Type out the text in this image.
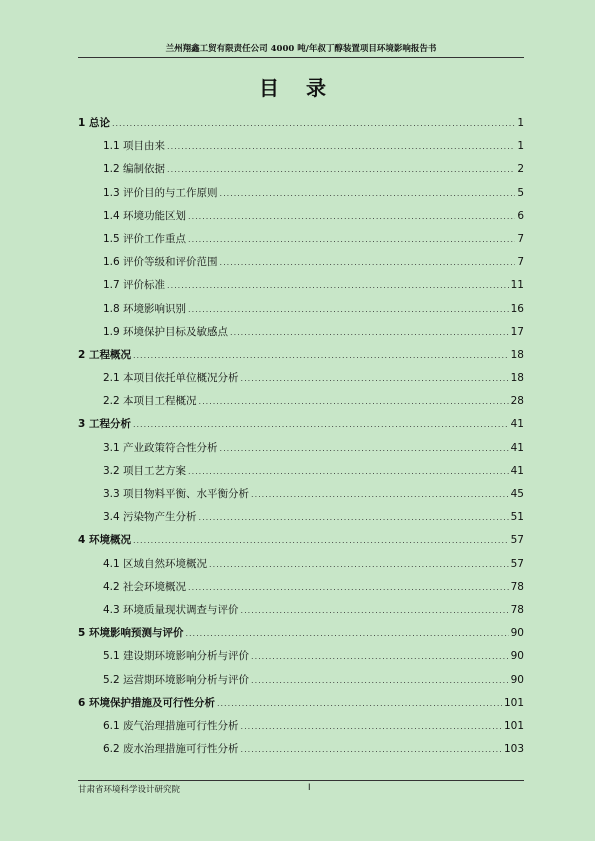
兰州翔鑫工贸有限责任公司 4000 吨/年叔丁醇装置项目环境影响报告书
目 录
1 总论 .....	1
1.1 项目由来 .....	1
1.2 编制依据 .....	2
1.3 评价目的与工作原则 .....	5
1.4 环境功能区划 .....	6
1.5 评价工作重点 .....	7
1.6 评价等级和评价范围 .....	7
1.7 评价标准 .....	11
1.8 环境影响识别 .....	16
1.9 环境保护目标及敏感点 .....	17
2 工程概况 .....	18
2.1 本项目依托单位概况分析 .....	18
2.2 本项目工程概况 .....	28
3 工程分析 .....	41
3.1 产业政策符合性分析 .....	41
3.2 项目工艺方案 .....	41
3.3 项目物料平衡、水平衡分析 .....	45
3.4 污染物产生分析 .....	51
4 环境概况 .....	57
4.1 区域自然环境概况 .....	57
4.2 社会环境概况 .....	78
4.3 环境质量现状调查与评价 .....	78
5 环境影响预测与评价 .....	90
5.1 建设期环境影响分析与评价 .....	90
5.2 运营期环境影响分析与评价 .....	90
6 环境保护措施及可行性分析 .....	101
6.1 废气治理措施可行性分析 .....	101
6.2 废水治理措施可行性分析 .....	103
甘肃省环境科学设计研究院	I
